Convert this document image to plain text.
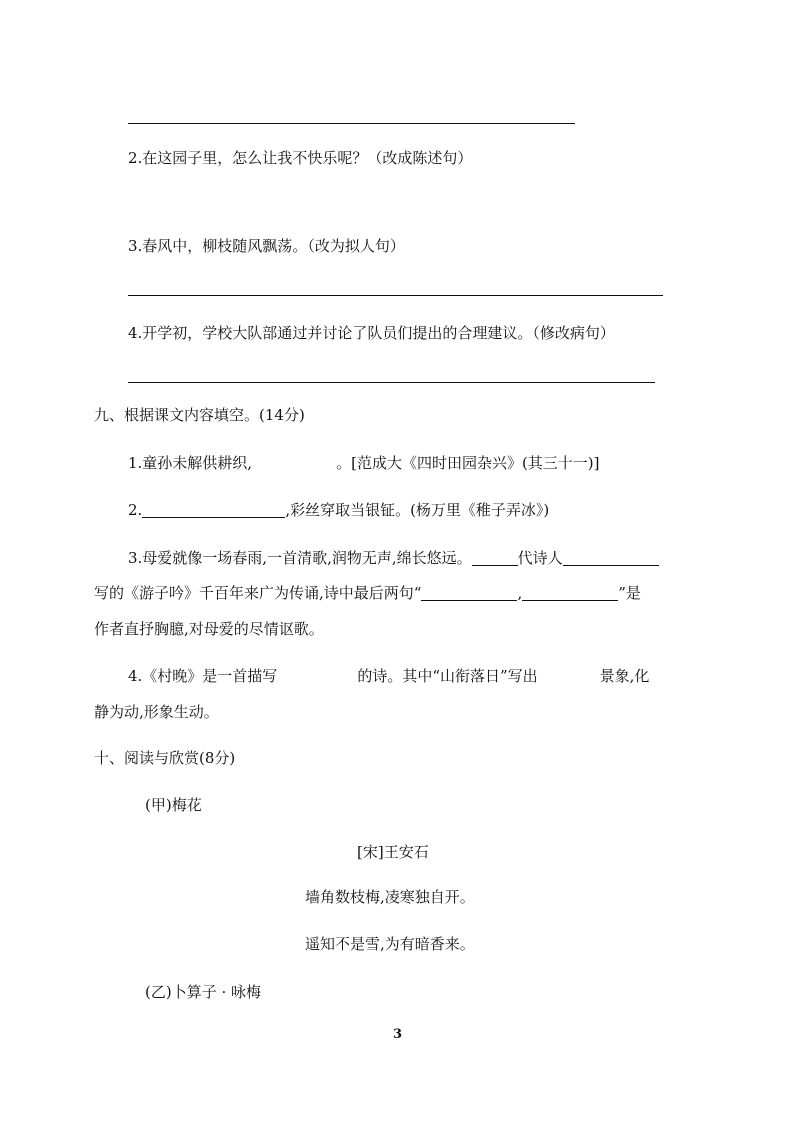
2.在这园子里，怎么让我不快乐呢？（改成陈述句）
3.春风中，柳枝随风飘荡。（改为拟人句）
4.开学初，学校大队部通过并讨论了队员们提出的合理建议。（修改病句）
九、根据课文内容填空。(14分)
1.童孙未解供耕织,	。[范成大《四时田园杂兴》(其三十一)]
2.	,彩丝穿取当银钲。(杨万里《稚子弄冰》)
3.母爱就像一场春雨,一首清歌,润物无声,绵长悠远。	代诗人
写的《游子吟》千百年来广为传诵,诗中最后两句“	,	”是
作者直抒胸臆,对母爱的尽情讴歌。
4.《村晚》是一首描写	的诗。其中“山衔落日”写出	景象,化
静为动,形象生动。
十、阅读与欣赏(8分)
(甲)梅花
[宋]王安石
墙角数枝梅,凌寒独自开。
遥知不是雪,为有暗香来。
(乙)卜算子 · 咏梅
3
